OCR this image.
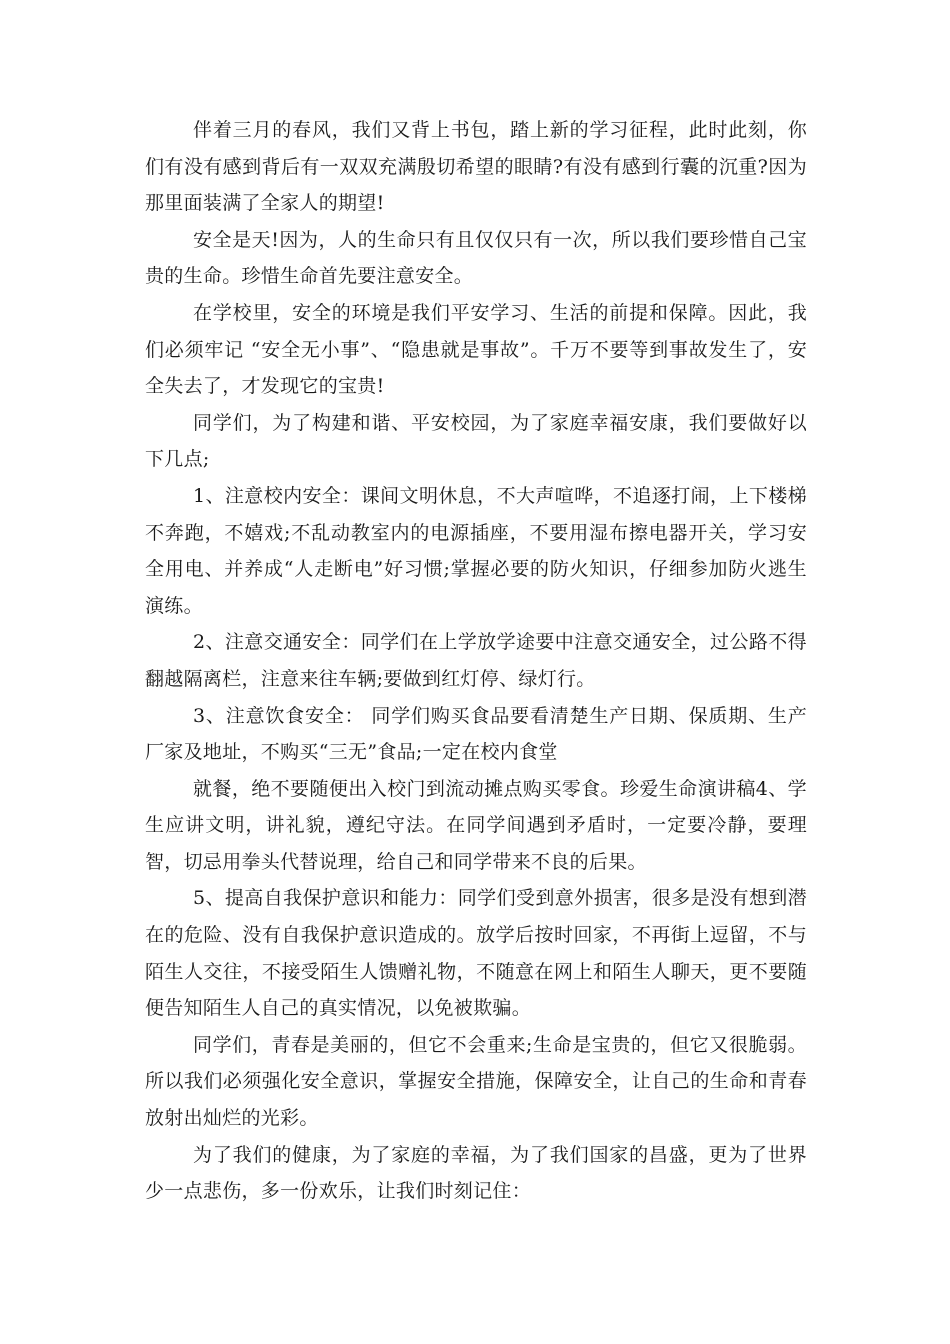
伴着三月的春风，我们又背上书包，踏上新的学习征程，此时此刻，你们有没有感到背后有一双双充满殷切希望的眼睛?有没有感到行囊的沉重?因为那里面装满了全家人的期望!

安全是天!因为，人的生命只有且仅仅只有一次，所以我们要珍惜自己宝贵的生命。珍惜生命首先要注意安全。

在学校里，安全的环境是我们平安学习、生活的前提和保障。因此，我们必须牢记 “安全无小事”、“隐患就是事故”。千万不要等到事故发生了，安全失去了，才发现它的宝贵!

同学们，为了构建和谐、平安校园，为了家庭幸福安康，我们要做好以下几点;

1、注意校内安全：课间文明休息，不大声喧哗，不追逐打闹，上下楼梯不奔跑，不嬉戏;不乱动教室内的电源插座，不要用湿布擦电器开关，学习安全用电、并养成“人走断电”好习惯;掌握必要的防火知识，仔细参加防火逃生演练。

2、注意交通安全：同学们在上学放学途要中注意交通安全，过公路不得翻越隔离栏，注意来往车辆;要做到红灯停、绿灯行。

3、注意饮食安全： 同学们购买食品要看清楚生产日期、保质期、生产厂家及地址，不购买“三无”食品;一定在校内食堂

就餐，绝不要随便出入校门到流动摊点购买零食。珍爱生命演讲稿4、学生应讲文明，讲礼貌，遵纪守法。在同学间遇到矛盾时，一定要冷静，要理智，切忌用拳头代替说理，给自己和同学带来不良的后果。

5、提高自我保护意识和能力：同学们受到意外损害，很多是没有想到潜在的危险、没有自我保护意识造成的。放学后按时回家，不再街上逗留，不与陌生人交往，不接受陌生人馈赠礼物，不随意在网上和陌生人聊天，更不要随便告知陌生人自己的真实情况，以免被欺骗。

同学们，青春是美丽的，但它不会重来;生命是宝贵的，但它又很脆弱。所以我们必须强化安全意识，掌握安全措施，保障安全，让自己的生命和青春放射出灿烂的光彩。

为了我们的健康，为了家庭的幸福，为了我们国家的昌盛，更为了世界少一点悲伤，多一份欢乐，让我们时刻记住：
